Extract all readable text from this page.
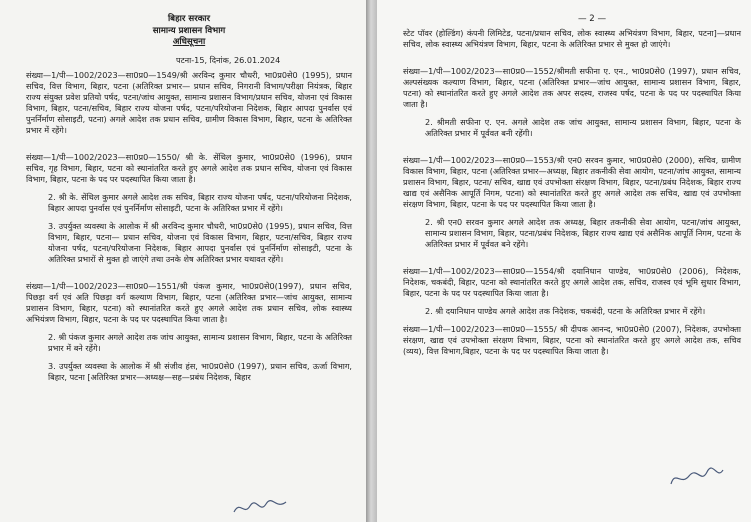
बिहार सरकार

सामान्य प्रशासन विभाग

अधिसूचना

पटना-15, दिनांक, 26.01.2024

संख्या—1/पी—1002/2023—सा0प्र0—1549/श्री अरविन्द कुमार चौधरी, भा0प्र0से0 (1995), प्रधान सचिव, वित्त विभाग, बिहार, पटना (अतिरिक्त प्रभार— प्रधान सचिव, निगरानी विभाग/परीक्षा नियंत्रक, बिहार राज्य संयुक्त प्रवेश प्रतियो पर्षद, पटना/जांच आयुक्त, सामान्य प्रशासन विभाग/प्रधान सचिव, योजना एवं विकास विभाग, बिहार, पटना/सचिव, बिहार राज्य योजना पर्षद, पटना/परियोजना निदेशक, बिहार आपदा पुनर्वास एवं पुनर्निर्माण सोसाइटी, पटना) अगले आदेश तक प्रधान सचिव, ग्रामीण विकास विभाग, बिहार, पटना के अतिरिक्त प्रभार में रहेंगे।

संख्या—1/पी—1002/2023—सा0प्र0—1550/ श्री के. सेंथिल कुमार, भा0प्र0से0 (1996), प्रधान सचिव, गृह विभाग, बिहार, पटना को स्थानांतरित करते हुए अगले आदेश तक प्रधान सचिव, योजना एवं विकास विभाग, बिहार, पटना के पद पर पदस्थापित किया जाता है।

2. श्री के. सेंथिल कुमार अगले आदेश तक सचिव, बिहार राज्य योजना पर्षद, पटना/परियोजना निदेशक, बिहार आपदा पुनर्वास एवं पुनर्निर्माण सोसाइटी, पटना के अतिरिक्त प्रभार में रहेंगे।

3. उपर्युक्त व्यवस्था के आलोक में श्री अरविन्द कुमार चौधरी, भा0प्र0से0 (1995), प्रधान सचिव, वित्त विभाग, बिहार, पटना— प्रधान सचिव, योजना एवं विकास विभाग, बिहार, पटना/सचिव, बिहार राज्य योजना पर्षद, पटना/परियोजना निदेशक, बिहार आपदा पुनर्वास एवं पुनर्निर्माण सोसाइटी, पटना के अतिरिक्त प्रभारों से मुक्त हो जाएंगे तथा उनके शेष अतिरिक्त प्रभार यथावत रहेंगे।

संख्या—1/पी—1002/2023—सा0प्र0—1551/श्री पंकज कुमार, भा0प्र0से0(1997), प्रधान सचिव, पिछड़ा वर्ग एवं अति पिछड़ा वर्ग कल्याण विभाग, बिहार, पटना (अतिरिक्त प्रभार—जांच आयुक्त, सामान्य प्रशासन विभाग, बिहार, पटना) को स्थानांतरित करते हुए अगले आदेश तक प्रधान सचिव, लोक स्वास्थ्य अभियंत्रण विभाग, बिहार, पटना के पद पर पदस्थापित किया जाता है।

2. श्री पंकज कुमार अगले आदेश तक जांच आयुक्त, सामान्य प्रशासन विभाग, बिहार, पटना के अतिरिक्त प्रभार में बने रहेंगे।

3. उपर्युक्त व्यवस्था के आलोक में श्री संजीव हंस, भा0प्र0से0 (1997), प्रधान सचिव, ऊर्जा विभाग, बिहार, पटना [अतिरिक्त प्रभार—अध्यक्ष—सह—प्रबंध निदेशक, बिहार

— 2 —

स्टेट पॉवर (होल्डिंग) कंपनी लिमिटेड, पटना/प्रधान सचिव, लोक स्वास्थ्य अभियंत्रण विभाग, बिहार, पटना]—प्रधान सचिव, लोक स्वास्थ्य अभियंत्रण विभाग, बिहार, पटना के अतिरिक्त प्रभार से मुक्त हो जाएंगे।

संख्या—1/पी—1002/2023—सा0प्र0—1552/श्रीमती सफीना ए. एन., भा0प्र0से0 (1997), प्रधान सचिव, अल्पसंख्यक कल्याण विभाग, बिहार, पटना (अतिरिक्त प्रभार—जांच आयुक्त, सामान्य प्रशासन विभाग, बिहार, पटना) को स्थानांतरित करते हुए अगले आदेश तक अपर सदस्य, राजस्व पर्षद, पटना के पद पर पदस्थापित किया जाता है।

2. श्रीमती सफीना ए. एन. अगले आदेश तक जांच आयुक्त, सामान्य प्रशासन विभाग, बिहार, पटना के अतिरिक्त प्रभार में पूर्ववत बनी रहेंगी।

संख्या—1/पी—1002/2023—सा0प्र0—1553/श्री एन0 सरवन कुमार, भा0प्र0से0 (2000), सचिव, ग्रामीण विकास विभाग, बिहार, पटना (अतिरिक्त प्रभार—अध्यक्ष, बिहार तकनीकी सेवा आयोग, पटना/जांच आयुक्त, सामान्य प्रशासन विभाग, बिहार, पटना/ सचिव, खाद्य एवं उपभोक्ता संरक्षण विभाग, बिहार, पटना/प्रबंध निदेशक, बिहार राज्य खाद्य एवं असैनिक आपूर्ति निगम, पटना) को स्थानांतरित करते हुए अगले आदेश तक सचिव, खाद्य एवं उपभोक्ता संरक्षण विभाग, बिहार, पटना के पद पर पदस्थापित किया जाता है।

2. श्री एन0 सरवन कुमार अगले आदेश तक अध्यक्ष, बिहार तकनीकी सेवा आयोग, पटना/जांच आयुक्त, सामान्य प्रशासन विभाग, बिहार, पटना/प्रबंध निदेशक, बिहार राज्य खाद्य एवं असैनिक आपूर्ति निगम, पटना के अतिरिक्त प्रभार में पूर्ववत बने रहेंगे।

संख्या—1/पी—1002/2023—सा0प्र0—1554/श्री दयानिधान पाण्डेय, भा0प्र0से0 (2006), निदेशक, निदेशक, चकबंदी, बिहार, पटना को स्थानांतरित करते हुए अगले आदेश तक, सचिव, राजस्व एवं भूमि सुधार विभाग, बिहार, पटना के पद पर पदस्थापित किया जाता है।

2. श्री दयानिधान पाण्डेय अगले आदेश तक निदेशक, चकबंदी, पटना के अतिरिक्त प्रभार में रहेंगे।

संख्या—1/पी—1002/2023—सा0प्र0—1555/ श्री दीपक आनन्द, भा0प्र0से0 (2007), निदेशक, उपभोक्ता संरक्षण, खाद्य एवं उपभोक्ता संरक्षण विभाग, बिहार, पटना को स्थानांतरित करते हुए अगले आदेश तक, सचिव (व्यय), वित्त विभाग,बिहार, पटना के पद पर पदस्थापित किया जाता है।
